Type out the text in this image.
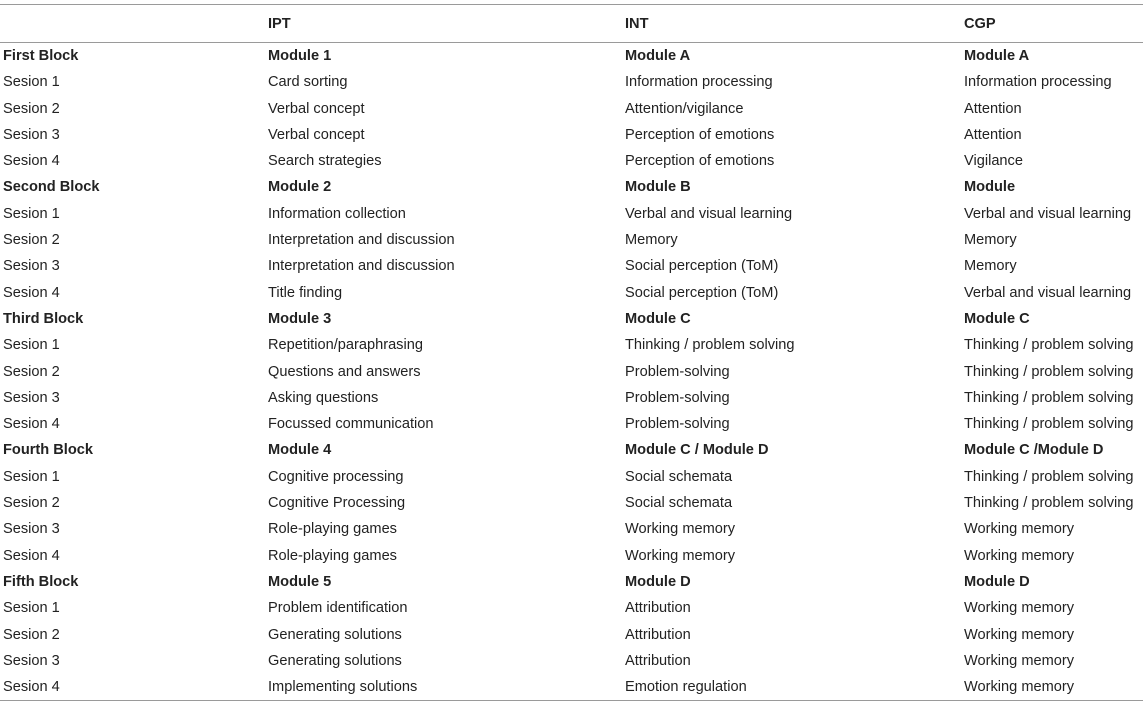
	IPT	INT	CGP
First Block	Module 1	Module A	Module A
Sesion 1	Card sorting	Information processing	Information processing
Sesion 2	Verbal concept	Attention/vigilance	Attention
Sesion 3	Verbal concept	Perception of emotions	Attention
Sesion 4	Search strategies	Perception of emotions	Vigilance
Second Block	Module 2	Module B	Module
Sesion 1	Information collection	Verbal and visual learning	Verbal and visual learning
Sesion 2	Interpretation and discussion	Memory	Memory
Sesion 3	Interpretation and discussion	Social perception (ToM)	Memory
Sesion 4	Title finding	Social perception (ToM)	Verbal and visual learning
Third Block	Module 3	Module C	Module C
Sesion 1	Repetition/paraphrasing	Thinking / problem solving	Thinking / problem solving
Sesion 2	Questions and answers	Problem-solving	Thinking / problem solving
Sesion 3	Asking questions	Problem-solving	Thinking / problem solving
Sesion 4	Focussed communication	Problem-solving	Thinking / problem solving
Fourth Block	Module 4	Module C / Module D	Module C /Module D
Sesion 1	Cognitive processing	Social schemata	Thinking / problem solving
Sesion 2	Cognitive Processing	Social schemata	Thinking / problem solving
Sesion 3	Role-playing games	Working memory	Working memory
Sesion 4	Role-playing games	Working memory	Working memory
Fifth Block	Module 5	Module D	Module D
Sesion 1	Problem identification	Attribution	Working memory
Sesion 2	Generating solutions	Attribution	Working memory
Sesion 3	Generating solutions	Attribution	Working memory
Sesion 4	Implementing solutions	Emotion regulation	Working memory
